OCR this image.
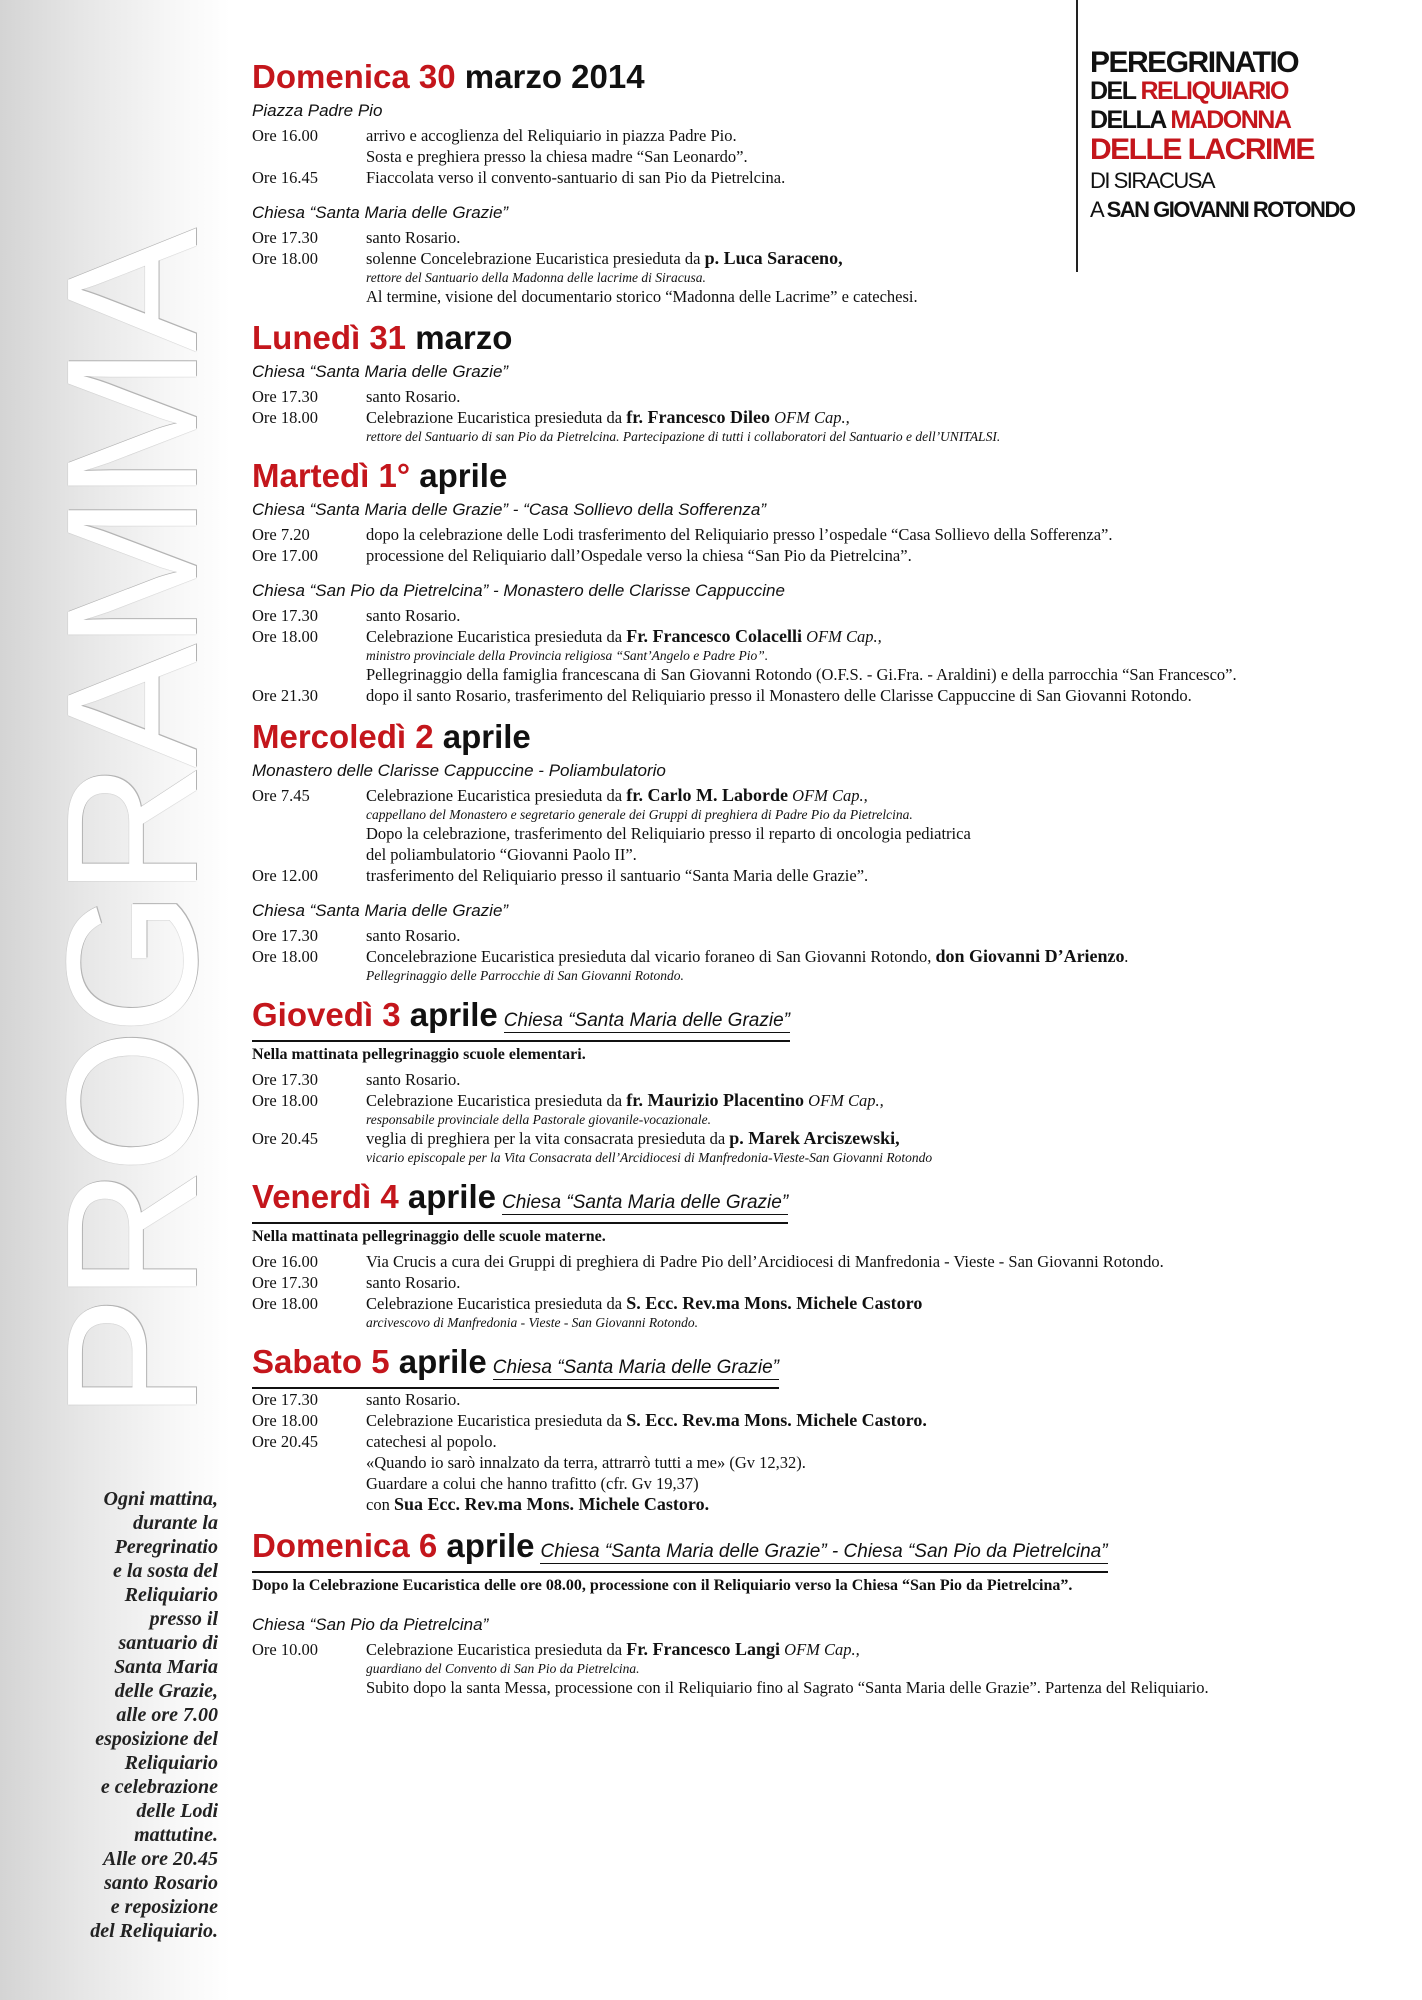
PROGRAMMA
PEREGRINATIO
DEL RELIQUIARIO
DELLA MADONNA
DELLE LACRIME
DI SIRACUSA
A SAN GIOVANNI ROTONDO
Ogni mattina,
durante la
Peregrinatio
e la sosta del
Reliquiario
presso il
santuario di
Santa Maria
delle Grazie,
alle ore 7.00
esposizione del
Reliquiario
e celebrazione
delle Lodi
mattutine.
Alle ore 20.45
santo Rosario
e reposizione
del Reliquiario.
Domenica 30 marzo 2014
Piazza Padre Pio
Ore 16.00	arrivo e accoglienza del Reliquiario in piazza Padre Pio.
Sosta e preghiera presso la chiesa madre “San Leonardo”.
Ore 16.45	Fiaccolata verso il convento-santuario di san Pio da Pietrelcina.
Chiesa “Santa Maria delle Grazie”
Ore 17.30	santo Rosario.
Ore 18.00	solenne Concelebrazione Eucaristica presieduta da p. Luca Saraceno,
rettore del Santuario della Madonna delle lacrime di Siracusa.
Al termine, visione del documentario storico “Madonna delle Lacrime” e catechesi.
Lunedì 31 marzo
Chiesa “Santa Maria delle Grazie”
Ore 17.30	santo Rosario.
Ore 18.00	Celebrazione Eucaristica presieduta da fr. Francesco Dileo OFM Cap.,
rettore del Santuario di san Pio da Pietrelcina. Partecipazione di tutti i collaboratori del Santuario e dell’UNITALSI.
Martedì 1° aprile
Chiesa “Santa Maria delle Grazie” - “Casa Sollievo della Sofferenza”
Ore 7.20	dopo la celebrazione delle Lodi trasferimento del Reliquiario presso l’ospedale “Casa Sollievo della Sofferenza”.
Ore 17.00	processione del Reliquiario dall’Ospedale verso la chiesa “San Pio da Pietrelcina”.
Chiesa “San Pio da Pietrelcina” - Monastero delle Clarisse Cappuccine
Ore 17.30	santo Rosario.
Ore 18.00	Celebrazione Eucaristica presieduta da Fr. Francesco Colacelli OFM Cap.,
ministro provinciale della Provincia religiosa “Sant’Angelo e Padre Pio”.
Pellegrinaggio della famiglia francescana di San Giovanni Rotondo (O.F.S. - Gi.Fra. - Araldini) e della parrocchia “San Francesco”.
Ore 21.30	dopo il santo Rosario, trasferimento del Reliquiario presso il Monastero delle Clarisse Cappuccine di San Giovanni Rotondo.
Mercoledì 2 aprile
Monastero delle Clarisse Cappuccine - Poliambulatorio
Ore 7.45	Celebrazione Eucaristica presieduta da fr. Carlo M. Laborde OFM Cap.,
cappellano del Monastero e segretario generale dei Gruppi di preghiera di Padre Pio da Pietrelcina.
Dopo la celebrazione, trasferimento del Reliquiario presso il reparto di oncologia pediatrica
del poliambulatorio “Giovanni Paolo II”.
Ore 12.00	trasferimento del Reliquiario presso il santuario “Santa Maria delle Grazie”.
Chiesa “Santa Maria delle Grazie”
Ore 17.30	santo Rosario.
Ore 18.00	Concelebrazione Eucaristica presieduta dal vicario foraneo di San Giovanni Rotondo, don Giovanni D’Arienzo.
Pellegrinaggio delle Parrocchie di San Giovanni Rotondo.
Giovedì 3 aprile Chiesa “Santa Maria delle Grazie”
Nella mattinata pellegrinaggio scuole elementari.
Ore 17.30	santo Rosario.
Ore 18.00	Celebrazione Eucaristica presieduta da fr. Maurizio Placentino OFM Cap.,
responsabile provinciale della Pastorale giovanile-vocazionale.
Ore 20.45	veglia di preghiera per la vita consacrata presieduta da p. Marek Arciszewski,
vicario episcopale per la Vita Consacrata dell’Arcidiocesi di Manfredonia-Vieste-San Giovanni Rotondo
Venerdì 4 aprile Chiesa “Santa Maria delle Grazie”
Nella mattinata pellegrinaggio delle scuole materne.
Ore 16.00	Via Crucis a cura dei Gruppi di preghiera di Padre Pio dell’Arcidiocesi di Manfredonia - Vieste - San Giovanni Rotondo.
Ore 17.30	santo Rosario.
Ore 18.00	Celebrazione Eucaristica presieduta da S. Ecc. Rev.ma Mons. Michele Castoro
arcivescovo di Manfredonia - Vieste - San Giovanni Rotondo.
Sabato 5 aprile Chiesa “Santa Maria delle Grazie”
Ore 17.30	santo Rosario.
Ore 18.00	Celebrazione Eucaristica presieduta da S. Ecc. Rev.ma Mons. Michele Castoro.
Ore 20.45	catechesi al popolo.
«Quando io sarò innalzato da terra, attrarrò tutti a me» (Gv 12,32).
Guardare a colui che hanno trafitto (cfr. Gv 19,37)
con Sua Ecc. Rev.ma Mons. Michele Castoro.
Domenica 6 aprile Chiesa “Santa Maria delle Grazie” - Chiesa “San Pio da Pietrelcina”
Dopo la Celebrazione Eucaristica delle ore 08.00, processione con il Reliquiario verso la Chiesa “San Pio da Pietrelcina”.
Chiesa “San Pio da Pietrelcina”
Ore 10.00	Celebrazione Eucaristica presieduta da Fr. Francesco Langi OFM Cap.,
guardiano del Convento di San Pio da Pietrelcina.
Subito dopo la santa Messa, processione con il Reliquiario fino al Sagrato “Santa Maria delle Grazie”. Partenza del Reliquiario.
